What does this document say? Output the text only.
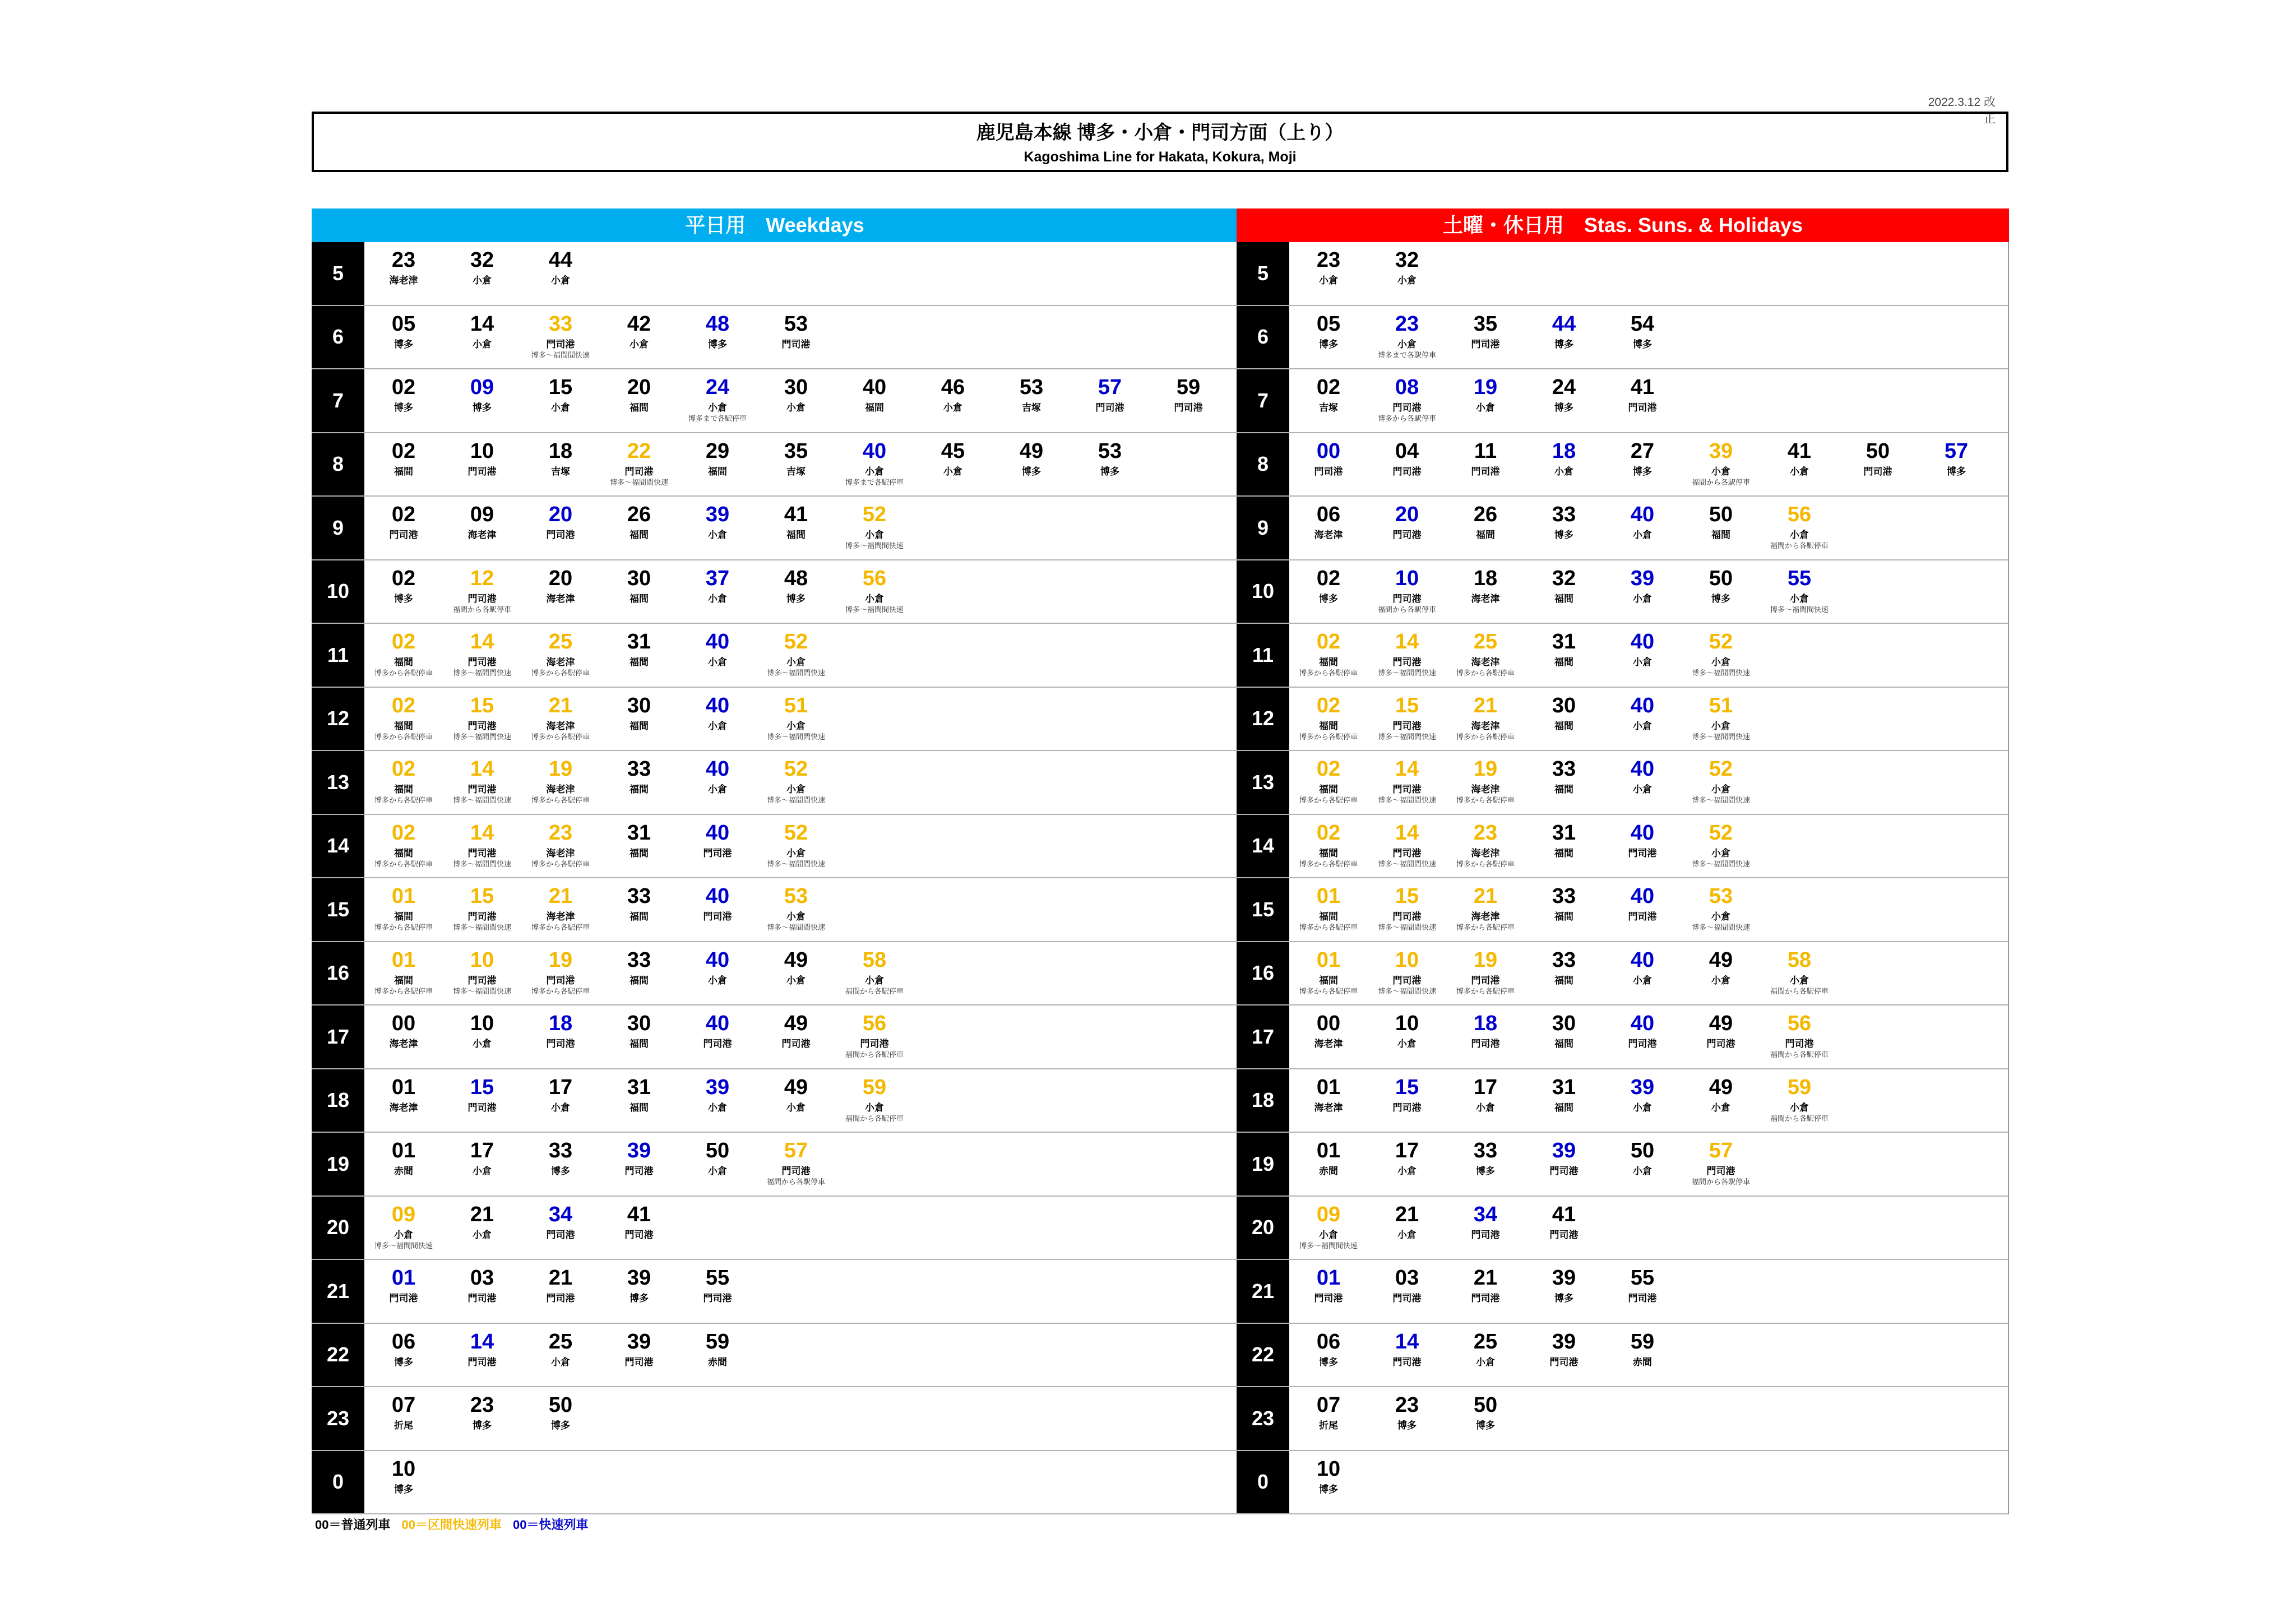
2022.3.12 改正
鹿児島本線 博多・小倉・門司方面（上り）
Kagoshima Line for Hakata, Kokura, Moji
平日用　Weekdays
5
23
海老津
32
小倉
44
小倉
6
05
博多
14
小倉
33
門司港
博多〜福間間快速
42
小倉
48
博多
53
門司港
7
02
博多
09
博多
15
小倉
20
福間
24
小倉
博多まで各駅停車
30
小倉
40
福間
46
小倉
53
吉塚
57
門司港
59
門司港
8
02
福間
10
門司港
18
吉塚
22
門司港
博多〜福間間快速
29
福間
35
吉塚
40
小倉
博多まで各駅停車
45
小倉
49
博多
53
博多
9
02
門司港
09
海老津
20
門司港
26
福間
39
小倉
41
福間
52
小倉
博多〜福間間快速
10
02
博多
12
門司港
福間から各駅停車
20
海老津
30
福間
37
小倉
48
博多
56
小倉
博多〜福間間快速
11
02
福間
博多から各駅停車
14
門司港
博多〜福間間快速
25
海老津
博多から各駅停車
31
福間
40
小倉
52
小倉
博多〜福間間快速
12
02
福間
博多から各駅停車
15
門司港
博多〜福間間快速
21
海老津
博多から各駅停車
30
福間
40
小倉
51
小倉
博多〜福間間快速
13
02
福間
博多から各駅停車
14
門司港
博多〜福間間快速
19
海老津
博多から各駅停車
33
福間
40
小倉
52
小倉
博多〜福間間快速
14
02
福間
博多から各駅停車
14
門司港
博多〜福間間快速
23
海老津
博多から各駅停車
31
福間
40
門司港
52
小倉
博多〜福間間快速
15
01
福間
博多から各駅停車
15
門司港
博多〜福間間快速
21
海老津
博多から各駅停車
33
福間
40
門司港
53
小倉
博多〜福間間快速
16
01
福間
博多から各駅停車
10
門司港
博多〜福間間快速
19
門司港
博多から各駅停車
33
福間
40
小倉
49
小倉
58
小倉
福間から各駅停車
17
00
海老津
10
小倉
18
門司港
30
福間
40
門司港
49
門司港
56
門司港
福間から各駅停車
18
01
海老津
15
門司港
17
小倉
31
福間
39
小倉
49
小倉
59
小倉
福間から各駅停車
19
01
赤間
17
小倉
33
博多
39
門司港
50
小倉
57
門司港
福間から各駅停車
20
09
小倉
博多〜福間間快速
21
小倉
34
門司港
41
門司港
21
01
門司港
03
門司港
21
門司港
39
博多
55
門司港
22
06
博多
14
門司港
25
小倉
39
門司港
59
赤間
23
07
折尾
23
博多
50
博多
0
10
博多
土曜・休日用　Stas. Suns. & Holidays
5
23
小倉
32
小倉
6
05
博多
23
小倉
博多まで各駅停車
35
門司港
44
博多
54
博多
7
02
吉塚
08
門司港
博多から各駅停車
19
小倉
24
博多
41
門司港
8
00
門司港
04
門司港
11
門司港
18
小倉
27
博多
39
小倉
福間から各駅停車
41
小倉
50
門司港
57
博多
9
06
海老津
20
門司港
26
福間
33
博多
40
小倉
50
福間
56
小倉
福間から各駅停車
10
02
博多
10
門司港
福間から各駅停車
18
海老津
32
福間
39
小倉
50
博多
55
小倉
博多〜福間間快速
11
02
福間
博多から各駅停車
14
門司港
博多〜福間間快速
25
海老津
博多から各駅停車
31
福間
40
小倉
52
小倉
博多〜福間間快速
12
02
福間
博多から各駅停車
15
門司港
博多〜福間間快速
21
海老津
博多から各駅停車
30
福間
40
小倉
51
小倉
博多〜福間間快速
13
02
福間
博多から各駅停車
14
門司港
博多〜福間間快速
19
海老津
博多から各駅停車
33
福間
40
小倉
52
小倉
博多〜福間間快速
14
02
福間
博多から各駅停車
14
門司港
博多〜福間間快速
23
海老津
博多から各駅停車
31
福間
40
門司港
52
小倉
博多〜福間間快速
15
01
福間
博多から各駅停車
15
門司港
博多〜福間間快速
21
海老津
博多から各駅停車
33
福間
40
門司港
53
小倉
博多〜福間間快速
16
01
福間
博多から各駅停車
10
門司港
博多〜福間間快速
19
門司港
博多から各駅停車
33
福間
40
小倉
49
小倉
58
小倉
福間から各駅停車
17
00
海老津
10
小倉
18
門司港
30
福間
40
門司港
49
門司港
56
門司港
福間から各駅停車
18
01
海老津
15
門司港
17
小倉
31
福間
39
小倉
49
小倉
59
小倉
福間から各駅停車
19
01
赤間
17
小倉
33
博多
39
門司港
50
小倉
57
門司港
福間から各駅停車
20
09
小倉
博多〜福間間快速
21
小倉
34
門司港
41
門司港
21
01
門司港
03
門司港
21
門司港
39
博多
55
門司港
22
06
博多
14
門司港
25
小倉
39
門司港
59
赤間
23
07
折尾
23
博多
50
博多
0
10
博多
00＝普通列車 00＝区間快速列車 00＝快速列車
